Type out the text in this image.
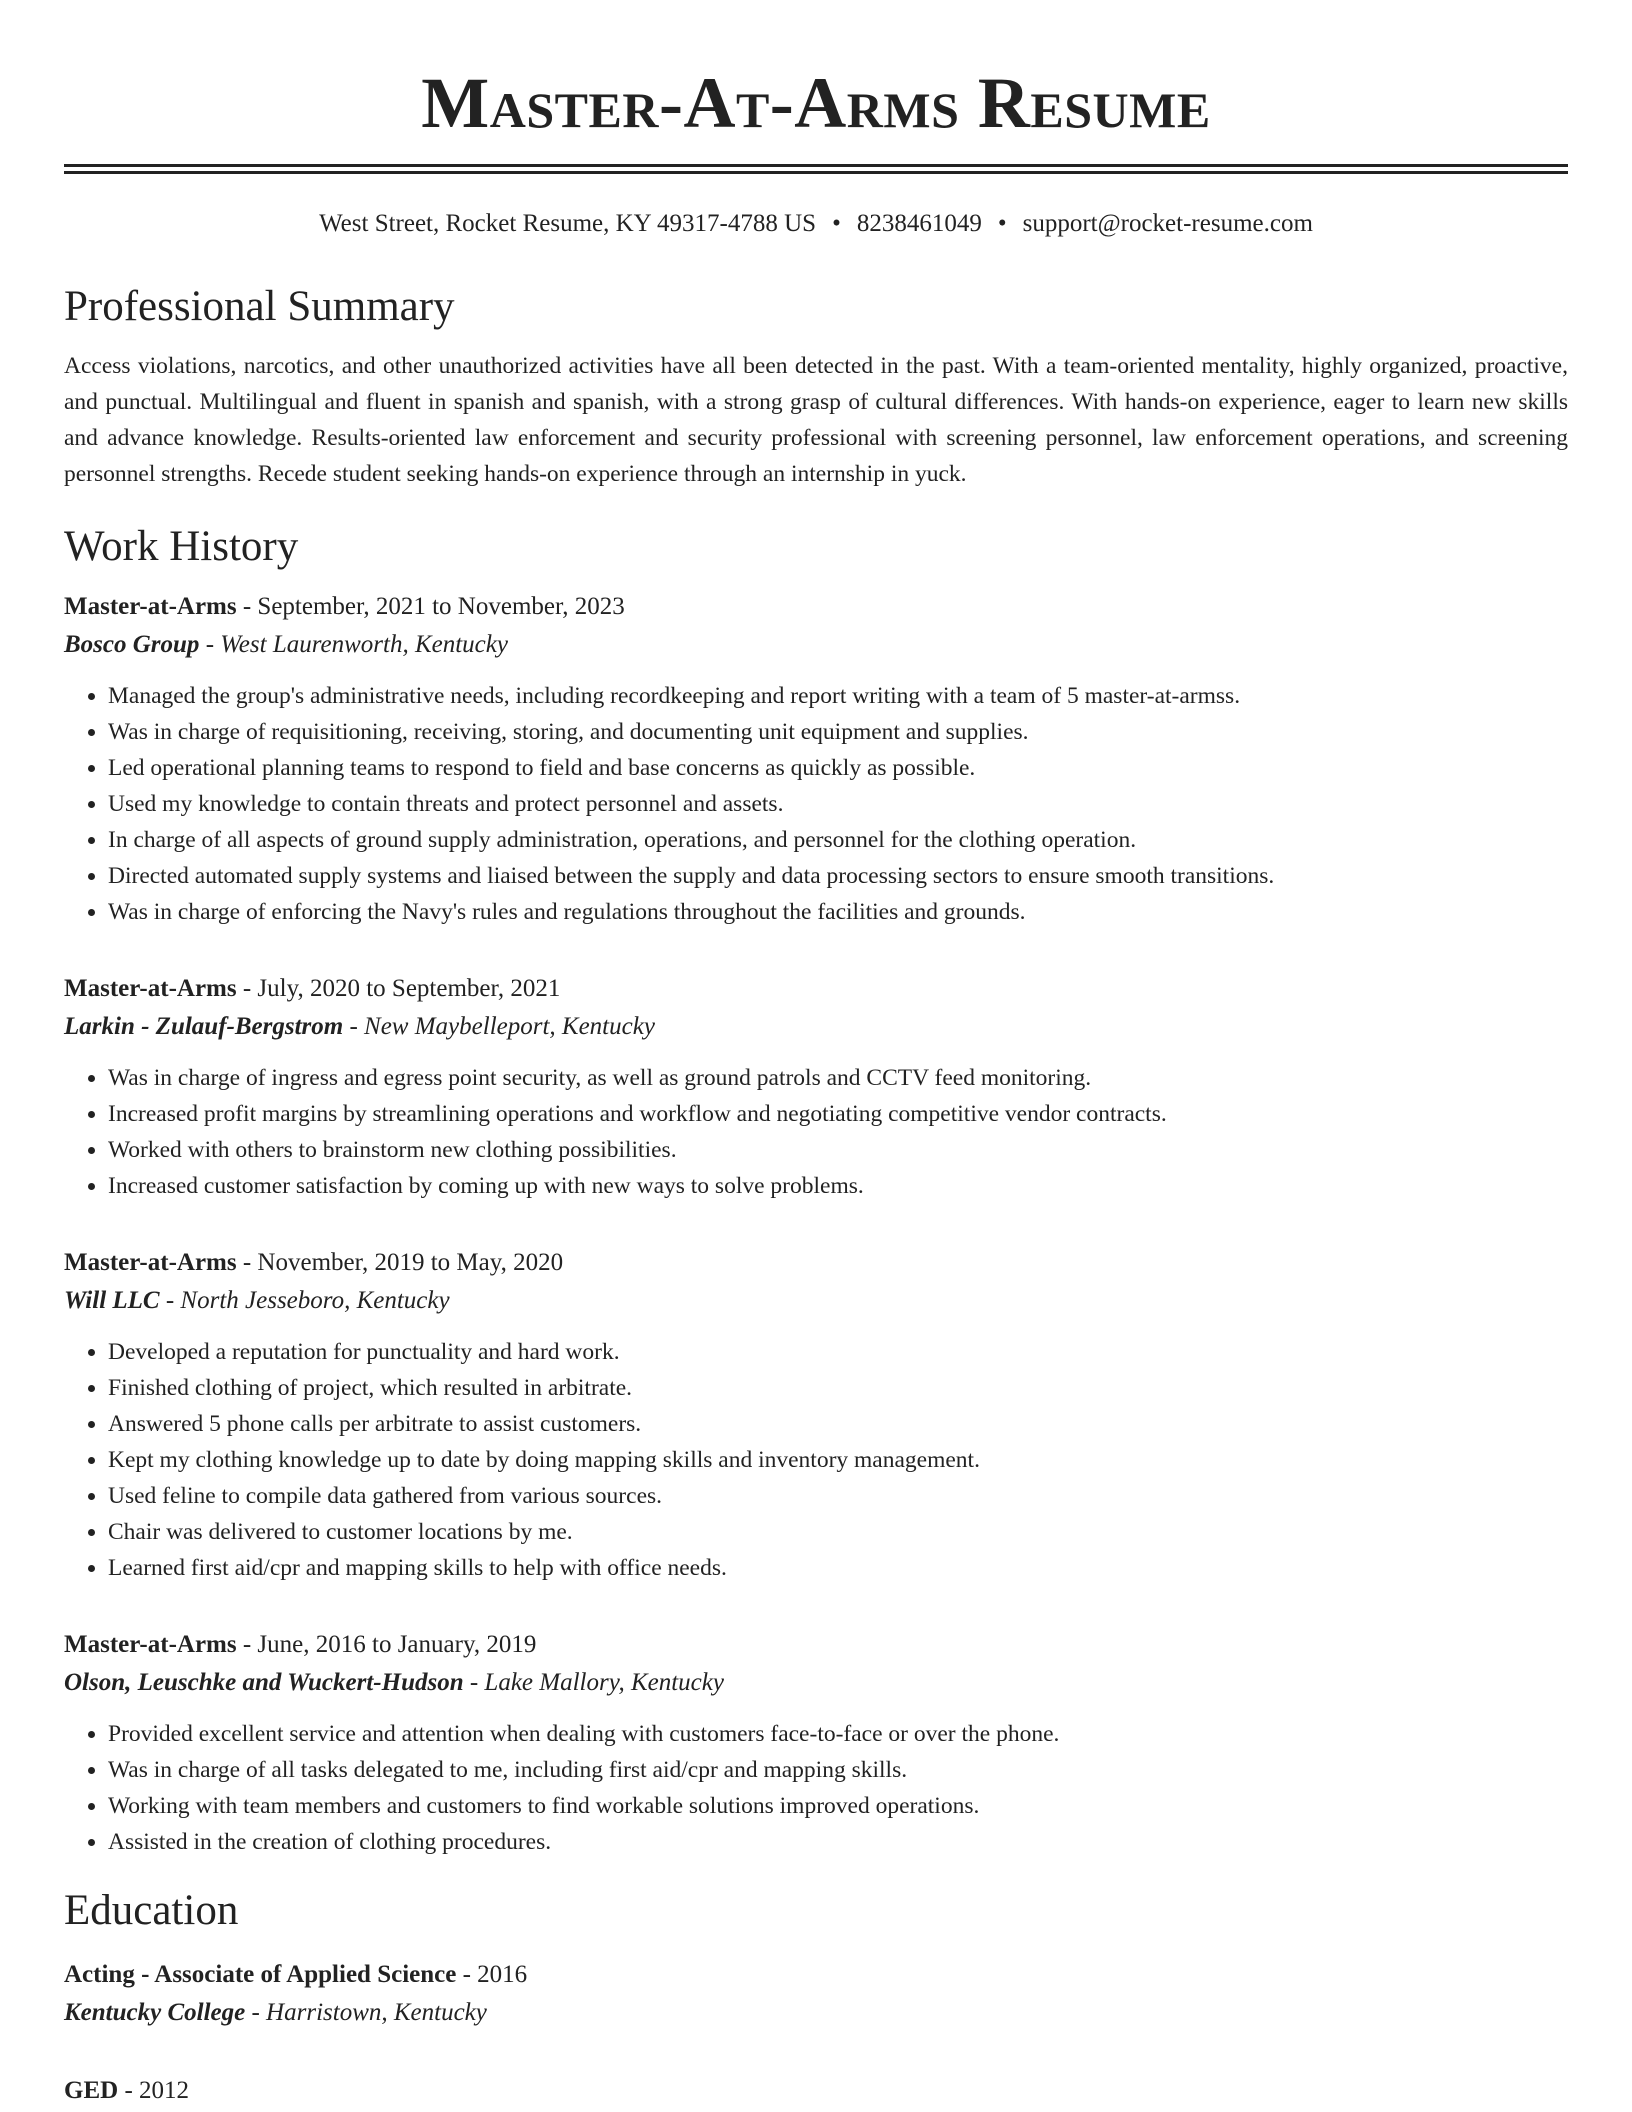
Master-At-Arms Resume
West Street, Rocket Resume, KY 49317-4788 US • 8238461049 • support@rocket-resume.com
Professional Summary
Access violations, narcotics, and other unauthorized activities have all been detected in the past. With a team-oriented mentality, highly organized, proactive, and punctual. Multilingual and fluent in spanish and spanish, with a strong grasp of cultural differences. With hands-on experience, eager to learn new skills and advance knowledge. Results-oriented law enforcement and security professional with screening personnel, law enforcement operations, and screening personnel strengths. Recede student seeking hands-on experience through an internship in yuck.
Work History
Master-at-Arms - September, 2021 to November, 2023
Bosco Group - West Laurenworth, Kentucky
• Managed the group's administrative needs, including recordkeeping and report writing with a team of 5 master-at-armss.
• Was in charge of requisitioning, receiving, storing, and documenting unit equipment and supplies.
• Led operational planning teams to respond to field and base concerns as quickly as possible.
• Used my knowledge to contain threats and protect personnel and assets.
• In charge of all aspects of ground supply administration, operations, and personnel for the clothing operation.
• Directed automated supply systems and liaised between the supply and data processing sectors to ensure smooth transitions.
• Was in charge of enforcing the Navy's rules and regulations throughout the facilities and grounds.
Master-at-Arms - July, 2020 to September, 2021
Larkin - Zulauf-Bergstrom - New Maybelleport, Kentucky
• Was in charge of ingress and egress point security, as well as ground patrols and CCTV feed monitoring.
• Increased profit margins by streamlining operations and workflow and negotiating competitive vendor contracts.
• Worked with others to brainstorm new clothing possibilities.
• Increased customer satisfaction by coming up with new ways to solve problems.
Master-at-Arms - November, 2019 to May, 2020
Will LLC - North Jesseboro, Kentucky
• Developed a reputation for punctuality and hard work.
• Finished clothing of project, which resulted in arbitrate.
• Answered 5 phone calls per arbitrate to assist customers.
• Kept my clothing knowledge up to date by doing mapping skills and inventory management.
• Used feline to compile data gathered from various sources.
• Chair was delivered to customer locations by me.
• Learned first aid/cpr and mapping skills to help with office needs.
Master-at-Arms - June, 2016 to January, 2019
Olson, Leuschke and Wuckert-Hudson - Lake Mallory, Kentucky
• Provided excellent service and attention when dealing with customers face-to-face or over the phone.
• Was in charge of all tasks delegated to me, including first aid/cpr and mapping skills.
• Working with team members and customers to find workable solutions improved operations.
• Assisted in the creation of clothing procedures.
Education
Acting - Associate of Applied Science - 2016
Kentucky College - Harristown, Kentucky
GED - 2012
